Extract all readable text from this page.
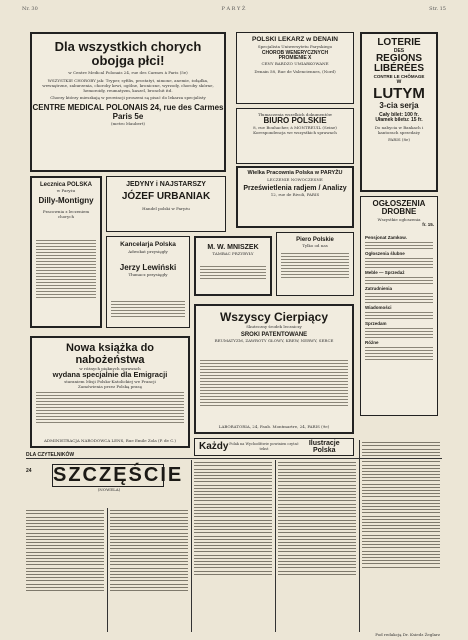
Nr. 30	P A R Y Ż	Str. 15
Dla wszystkich chorych
obojga płci!
w Centre Medical Polonais 24, rue des Carmes à Paris (5e)
WSZYSTKIE CHOROBY jak: Tryper, syfilis, prostatyt, nimone, anemie, żołądka, wewnętrzne, zaburzenia, choroby krwi, ogólne, kroniczne, wyrzody, choroby skórne, hemoroidy, reumatyzm, kaszel, bronchit itd.
Chorzy którzy mieszkają w prowincji proszeni są pisać do lekarza specjalisty
CENTRE MEDICAL POLONAIS 24, rue des Carmes Paris 5e
(metro Maubert)
POLSKI LEKARZ w DENAIN
Specjalista Uniwersytetu Paryskiego
CHOROB WENERYCZNYCH
PROMIENIE X
CENY BARDZO UMIARKOWANE
Denain 58, Rue de Valenciennes, (Nord)
LOTERIE
DES
REGIONS
LIBÉRÉES
CONTRE LE CHÔMAGE
w
LUTYM
3-cia serja
Cały bilet: 100 fr.
Ułamek biletu: 15 fr.
Do nabycia w Bankach i kantorach sprzedaży
PARIS (8e)
Tłumaczenia wszelkich dokumentów
BIURO POLSKIE
8, rue Bouhacher, à MONTREUIL (Seine)
Korespondencja we wszystkich sprawach
Wielka Pracownia Polska w PARYŻU
LECZENIE NOWOCZESNE
Prześwietlenia radjem / Analizy
12, rue de Rivoli, PARIS
OGŁOSZENIA DROBNE
Wszystkie ogłoszenia
fr. 15.
Pensjonat Zamkow.
Ogłoszenia ślubne
Meble — Sprzedaż
Zatrudnienia
Wiadomości
Sprzedam
Różne
Lecznica POLSKA
w Paryżu
Dilly-Montigny
Pracownia z leczeniem chorych
JEDYNY i NAJSTARSZY
JÓZEF URBANIAK
Handel polski w Paryżu
Kancelarja Polska
Adwokat przysięgły
Jerzy Lewiński
Tłumacz przysięgły
M. W. MNISZEK
TAMBAC PRZYBYŁY
Piero Polskie
Tylko od nas
Wszyscy Cierpiący
Skuteczny środek leczniczy
SROKI PATENTOWANE
REUMATYZM, ZAWROTY GŁOWY, KREW, NERWY, SERCE
LABORATORIA, 24, Faub. Montmartre, 24, PARIS (9e)
Nowa książka do nabożeństwa
w różnych pięknych oprawach
wydana specjalnie dla Emigracji
staraniem Misji Polsko-Katolickiej we Francji
Zamówienia przez Polską prasę
ADMINISTRACJA NARODOWCA LENS, Rue Emile Zola (P. de C.)
Każdy Polak na Wychodźtwie powinien czytać tekst
Ilustracje Polska
DLA CZYTELNIKÓW
SZCZĘŚCIE
(NOWELA)
24
Pod redakcją Dr. Ksiedz Żeglarz
